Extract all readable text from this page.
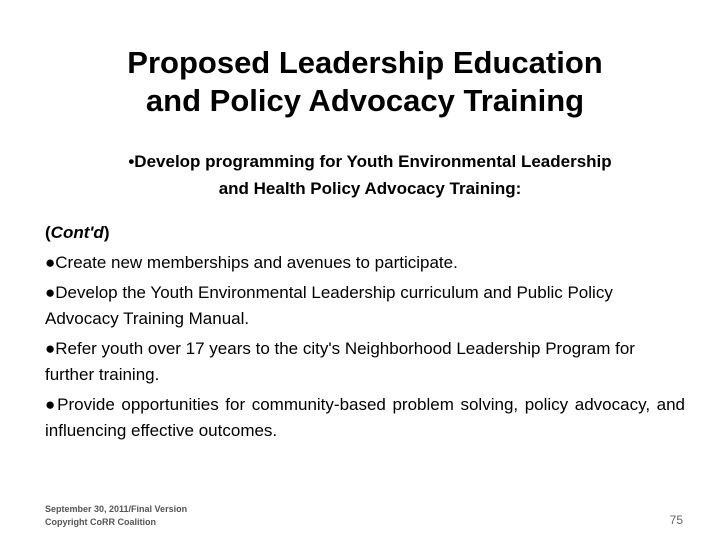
Proposed Leadership Education
and Policy Advocacy Training
•Develop programming for Youth Environmental Leadership
and Health Policy Advocacy Training:

(Cont'd)

●Create new memberships and avenues to participate.

●Develop the Youth Environmental Leadership curriculum and Public Policy Advocacy Training Manual.

●Refer youth over 17 years to the city's Neighborhood Leadership Program for further training.

●Provide opportunities for community-based problem solving, policy advocacy, and influencing effective outcomes.

September 30, 2011/Final Version
Copyright CoRR Coalition	75
